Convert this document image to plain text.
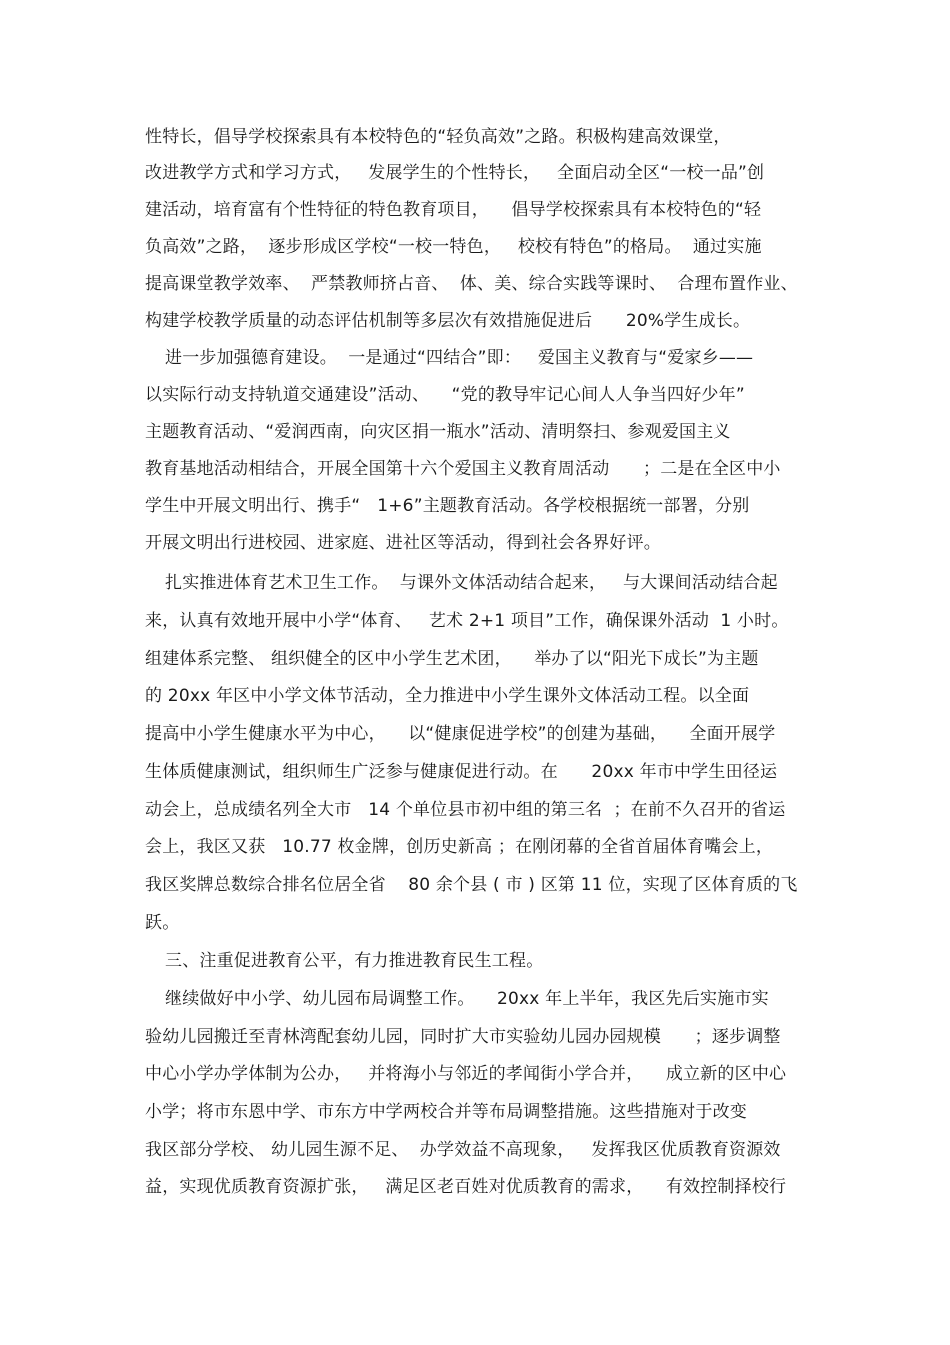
性特长，倡导学校探索具有本校特色的“轻负高效”之路。积极构建高效课堂，
改进教学方式和学习方式，   发展学生的个性特长，   全面启动全区“一校一品”创
建活动，培育富有个性特征的特色教育项目，    倡导学校探索具有本校特色的“轻
负高效”之路，  逐步形成区学校“一校一特色，   校校有特色”的格局。  通过实施
提高课堂教学效率、  严禁教师挤占音、  体、美、综合实践等课时、  合理布置作业、
构建学校教学质量的动态评估机制等多层次有效措施促进后      20%学生成长。
进一步加强德育建设。  一是通过“四结合”即：   爱国主义教育与“爱家乡——
以实际行动支持轨道交通建设”活动、    “党的教导牢记心间人人争当四好少年”
主题教育活动、“爱润西南，向灾区捐一瓶水”活动、清明祭扫、参观爱国主义
教育基地活动相结合，开展全国第十六个爱国主义教育周活动      ；二是在全区中小
学生中开展文明出行、携手“   1+6”主题教育活动。各学校根据统一部署，分别
开展文明出行进校园、进家庭、进社区等活动，得到社会各界好评。
扎实推进体育艺术卫生工作。  与课外文体活动结合起来，   与大课间活动结合起
来，认真有效地开展中小学“体育、   艺术 2+1 项目”工作，确保课外活动  1 小时。
组建体系完整、 组织健全的区中小学生艺术团，    举办了以“阳光下成长”为主题
的 20xx 年区中小学文体节活动，全力推进中小学生课外文体活动工程。以全面
提高中小学生健康水平为中心，    以“健康促进学校”的创建为基础，    全面开展学
生体质健康测试，组织师生广泛参与健康促进行动。在      20xx 年市中学生田径运
动会上，总成绩名列全大市   14 个单位县市初中组的第三名  ；在前不久召开的省运
会上，我区又获   10.77 枚金牌，创历史新高 ；在刚闭幕的全省首届体育嘴会上，
我区奖牌总数综合排名位居全省    80 余个县 ( 市 ) 区第 11 位，实现了区体育质的飞
跃。
三、注重促进教育公平，有力推进教育民生工程。
继续做好中小学、幼儿园布局调整工作。    20xx 年上半年，我区先后实施市实
验幼儿园搬迁至青林湾配套幼儿园，同时扩大市实验幼儿园办园规模      ；逐步调整
中心小学办学体制为公办，   并将海小与邻近的孝闻街小学合并，    成立新的区中心
小学；将市东恩中学、市东方中学两校合并等布局调整措施。这些措施对于改变
我区部分学校、 幼儿园生源不足、  办学效益不高现象，   发挥我区优质教育资源效
益，实现优质教育资源扩张，   满足区老百姓对优质教育的需求，    有效控制择校行
